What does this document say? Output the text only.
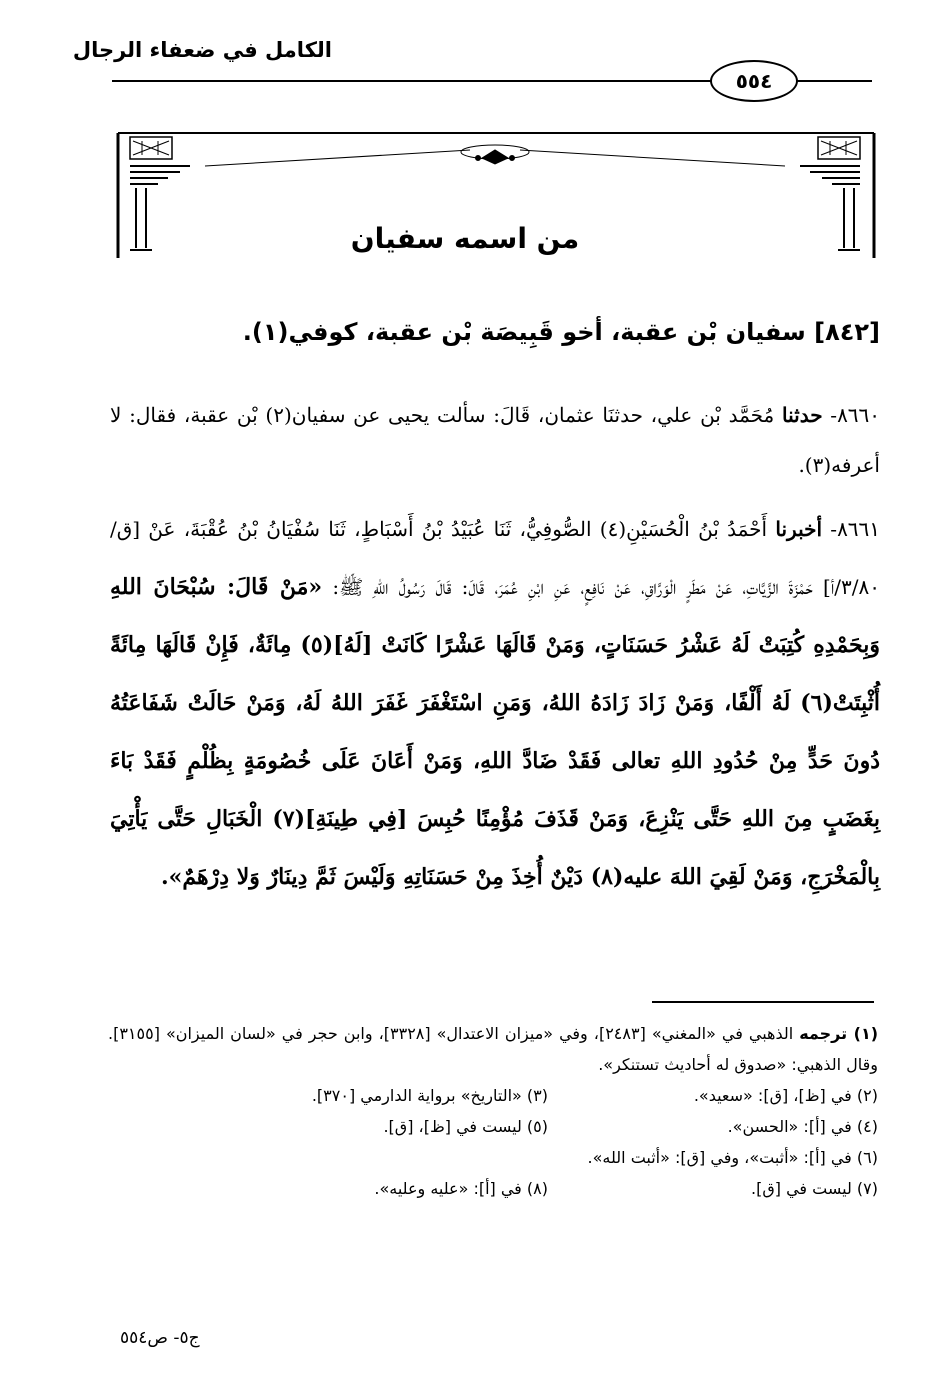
الكامل في ضعفاء الرجال
٥٥٤
من اسمه سفيان
[٨٤٢] سفيان بْن عقبة، أخو قَبِيصَة بْن عقبة، كوفي(١).
٨٦٦٠- حدثنا مُحَمَّد بْن علي، حدثنَا عثمان، قَالَ: سألت يحيى عن سفيان(٢) بْن عقبة، فقال: لا أعرفه(٣).
٨٦٦١- أخبرنا أَحْمَدُ بْنُ الْحُسَيْنِ(٤) الصُّوفِيُّ، ثَنَا عُبَيْدُ بْنُ أَسْبَاطٍ، ثَنَا سُفْيَانُ بْنُ عُقْبَةَ، عَنْ [ق/٣/٨٠/أ] حَمْزَةَ الزَّيَّاتِ، عَنْ مَطَرٍ الْوَرَّاقِ، عَنْ نَافِعٍ، عَنِ ابْنِ عُمَرَ، قَالَ: قَالَ رَسُولُ اللهِ ﷺ: «مَنْ قَالَ: سُبْحَانَ اللهِ وَبِحَمْدِهِ كُتِبَتْ لَهُ عَشْرُ حَسَنَاتٍ، وَمَنْ قَالَهَا عَشْرًا كَانَتْ [لَهُ](٥) مِائَةٌ، فَإِنْ قَالَهَا مِائَةً أُثْبِتَتْ(٦) لَهُ أَلْفًا، وَمَنْ زَادَ زَادَهُ اللهُ، وَمَنِ اسْتَغْفَرَ غَفَرَ اللهُ لَهُ، وَمَنْ حَالَتْ شَفَاعَتُهُ دُونَ حَدٍّ مِنْ حُدُودِ اللهِ تعالى فَقَدْ ضَادَّ اللهِ، وَمَنْ أَعَانَ عَلَى خُصُومَةٍ بِظُلْمٍ فَقَدْ بَاءَ بِغَضَبٍ مِنَ اللهِ حَتَّى يَنْزِعَ، وَمَنْ قَذَفَ مُؤْمِنًا حُبِسَ [فِي طِينَةِ](٧) الْخَبَالِ حَتَّى يَأْتِيَ بِالْمَخْرَجِ، وَمَنْ لَقِيَ اللهَ عليه(٨) دَيْنٌ أُخِذَ مِنْ حَسَنَاتِهِ وَلَيْسَ ثَمَّ دِينَارٌ وَلا دِرْهَمٌ».

(١) ترجمه الذهبي في «المغني» [٢٤٨٣]، وفي «ميزان الاعتدال» [٣٣٢٨]، وابن حجر في «لسان الميزان» [٣١٥٥]. وقال الذهبي: «صدوق له أحاديث تستنكر».

(٢) في [ظ]، [ق]: «سعيد».
(٣) «التاريخ» برواية الدارمي [٣٧٠].
(٤) في [أ]: «الحسن».
(٥) ليست في [ظ]، [ق].
(٦) في [أ]: «أثبت»، وفي [ق]: «أثبت الله».
(٧) ليست في [ق].
(٨) في [أ]: «عليه وعليه».
ج٥- ص٥٥٤
